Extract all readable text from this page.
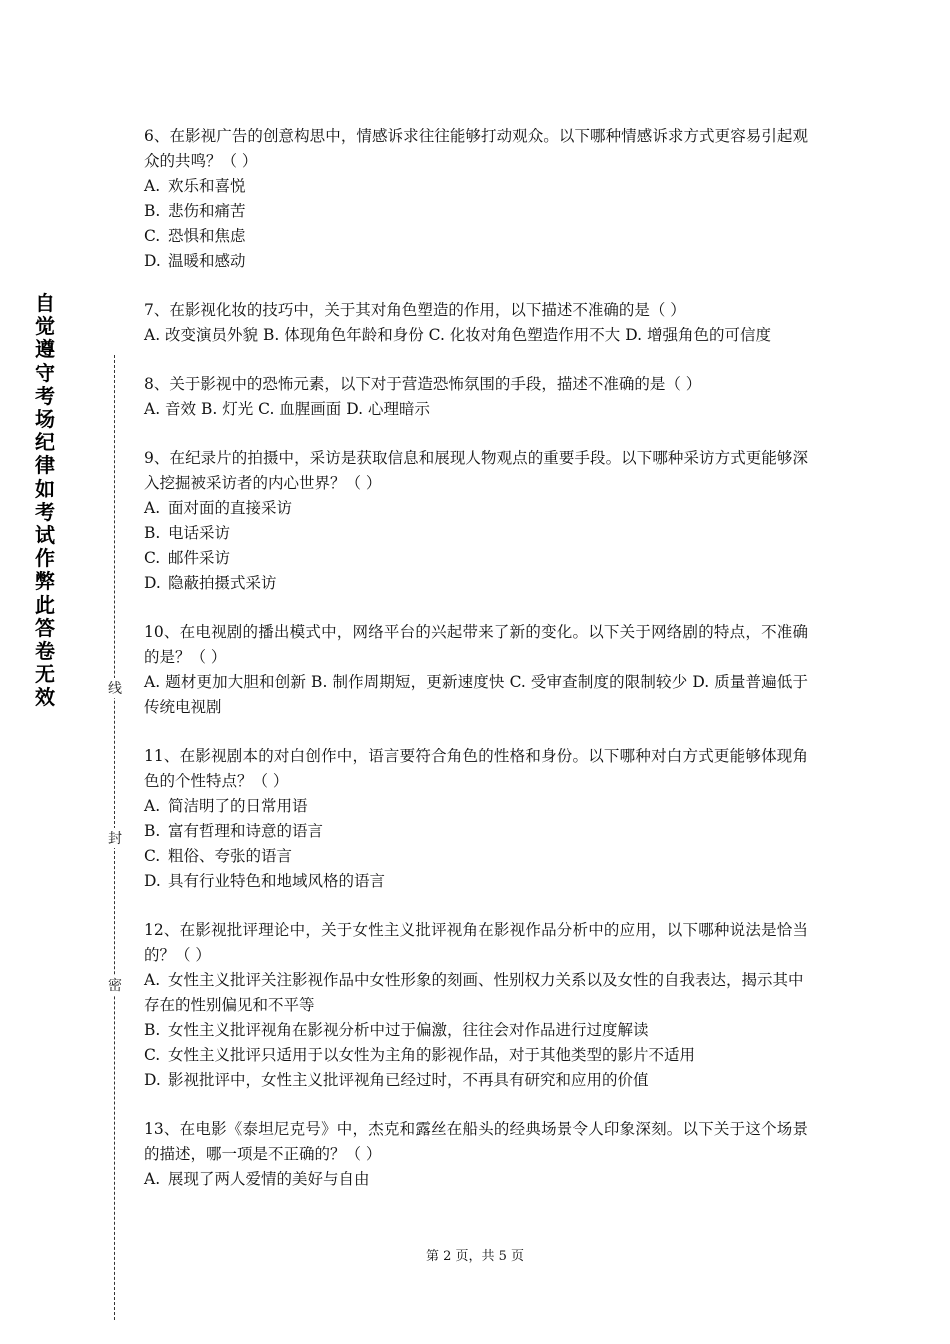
自觉遵守考场纪律如考试作弊此答卷无效	线
封
密

6、在影视广告的创意构思中，情感诉求往往能够打动观众。以下哪种情感诉求方式更容易引起观众的共鸣？（ ）

A. 欢乐和喜悦

B. 悲伤和痛苦

C. 恐惧和焦虑

D. 温暖和感动

7、在影视化妆的技巧中，关于其对角色塑造的作用，以下描述不准确的是（ ）

A. 改变演员外貌 B. 体现角色年龄和身份 C. 化妆对角色塑造作用不大 D. 增强角色的可信度

8、关于影视中的恐怖元素，以下对于营造恐怖氛围的手段，描述不准确的是（ ）

A. 音效 B. 灯光 C. 血腥画面 D. 心理暗示

9、在纪录片的拍摄中，采访是获取信息和展现人物观点的重要手段。以下哪种采访方式更能够深入挖掘被采访者的内心世界？（ ）

A. 面对面的直接采访

B. 电话采访

C. 邮件采访

D. 隐蔽拍摄式采访

10、在电视剧的播出模式中，网络平台的兴起带来了新的变化。以下关于网络剧的特点，不准确的是？（ ）

A. 题材更加大胆和创新 B. 制作周期短，更新速度快 C. 受审查制度的限制较少 D. 质量普遍低于传统电视剧

11、在影视剧本的对白创作中，语言要符合角色的性格和身份。以下哪种对白方式更能够体现角色的个性特点？（ ）

A. 简洁明了的日常用语

B. 富有哲理和诗意的语言

C. 粗俗、夸张的语言

D. 具有行业特色和地域风格的语言

12、在影视批评理论中，关于女性主义批评视角在影视作品分析中的应用，以下哪种说法是恰当的？（ ）

A. 女性主义批评关注影视作品中女性形象的刻画、性别权力关系以及女性的自我表达，揭示其中存在的性别偏见和不平等

B. 女性主义批评视角在影视分析中过于偏激，往往会对作品进行过度解读

C. 女性主义批评只适用于以女性为主角的影视作品，对于其他类型的影片不适用

D. 影视批评中，女性主义批评视角已经过时，不再具有研究和应用的价值

13、在电影《泰坦尼克号》中，杰克和露丝在船头的经典场景令人印象深刻。以下关于这个场景的描述，哪一项是不正确的？（ ）

A. 展现了两人爱情的美好与自由

第 2 页，共 5 页
